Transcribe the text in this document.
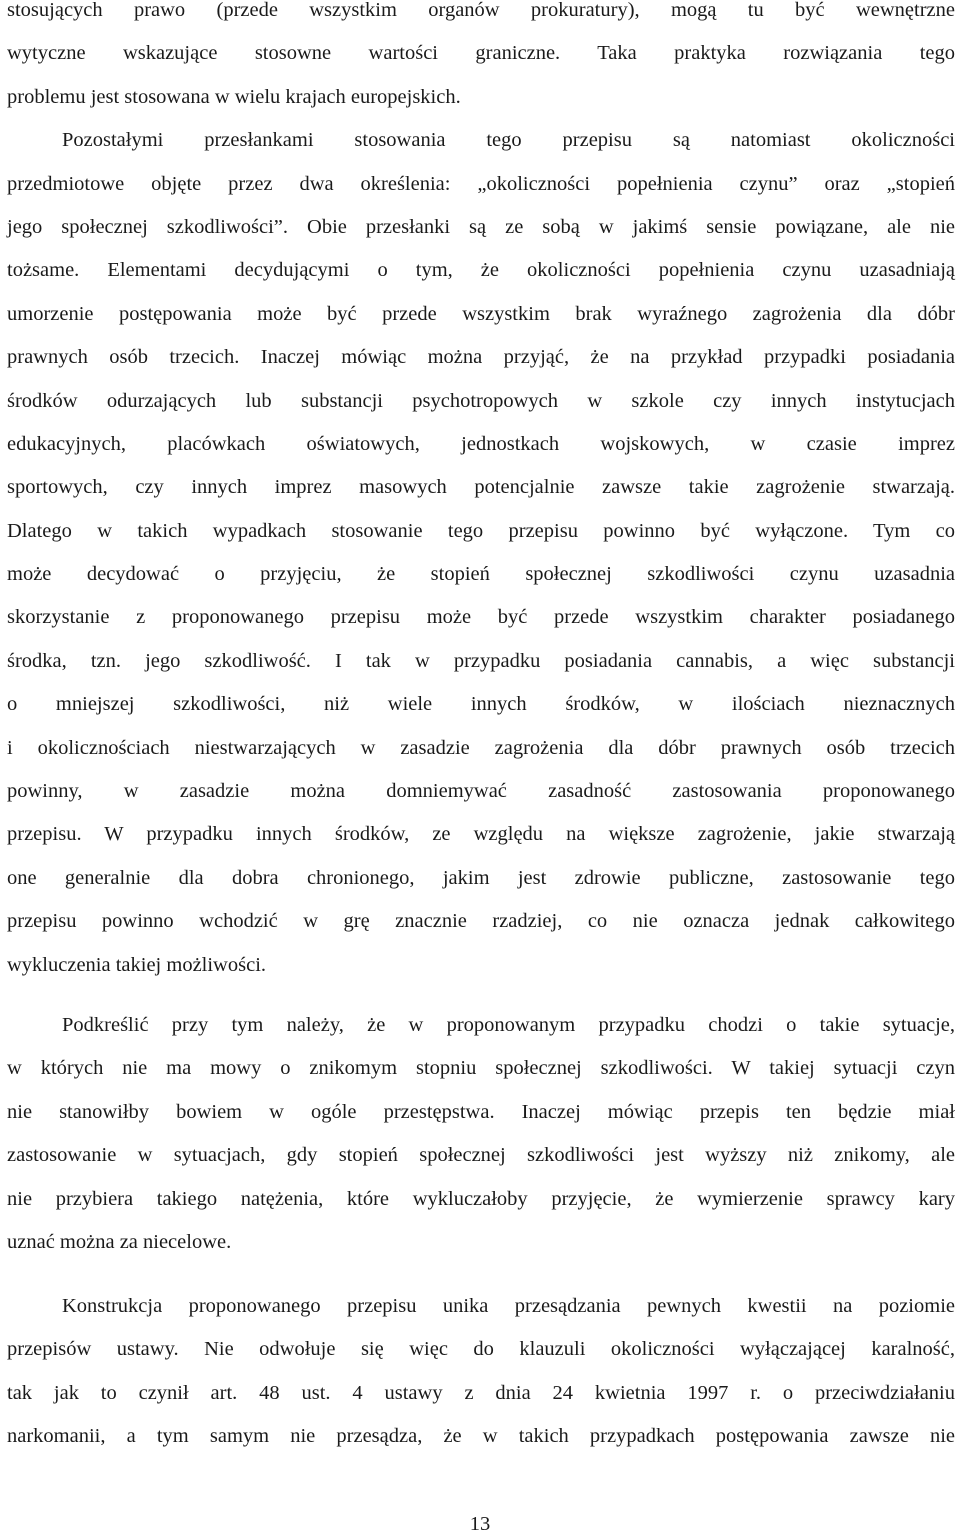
stosujących prawo (przede wszystkim organów prokuratury), mogą tu być wewnętrzne
wytyczne wskazujące stosowne wartości graniczne. Taka praktyka rozwiązania tego
problemu jest stosowana w wielu krajach europejskich.
Pozostałymi przesłankami stosowania tego przepisu są natomiast okoliczności
przedmiotowe objęte przez dwa określenia: „okoliczności popełnienia czynu” oraz „stopień
jego społecznej szkodliwości”. Obie przesłanki są ze sobą w jakimś sensie powiązane, ale nie
tożsame. Elementami decydującymi o tym, że okoliczności popełnienia czynu uzasadniają
umorzenie postępowania może być przede wszystkim brak wyraźnego zagrożenia dla dóbr
prawnych osób trzecich. Inaczej mówiąc można przyjąć, że na przykład przypadki posiadania
środków odurzających lub substancji psychotropowych w szkole czy innych instytucjach
edukacyjnych, placówkach oświatowych, jednostkach wojskowych, w czasie imprez
sportowych, czy innych imprez masowych potencjalnie zawsze takie zagrożenie stwarzają.
Dlatego w takich wypadkach stosowanie tego przepisu powinno być wyłączone. Tym co
może decydować o przyjęciu, że stopień społecznej szkodliwości czynu uzasadnia
skorzystanie z proponowanego przepisu może być przede wszystkim charakter posiadanego
środka, tzn. jego szkodliwość. I tak w przypadku posiadania cannabis, a więc substancji
o mniejszej szkodliwości, niż wiele innych środków, w ilościach nieznacznych
i okolicznościach niestwarzających w zasadzie zagrożenia dla dóbr prawnych osób trzecich
powinny, w zasadzie można domniemywać zasadność zastosowania proponowanego
przepisu. W przypadku innych środków, ze względu na większe zagrożenie, jakie stwarzają
one generalnie dla dobra chronionego, jakim jest zdrowie publiczne, zastosowanie tego
przepisu powinno wchodzić w grę znacznie rzadziej, co nie oznacza jednak całkowitego
wykluczenia takiej możliwości.
Podkreślić przy tym należy, że w proponowanym przypadku chodzi o takie sytuacje,
w których nie ma mowy o znikomym stopniu społecznej szkodliwości. W takiej sytuacji czyn
nie stanowiłby bowiem w ogóle przestępstwa. Inaczej mówiąc przepis ten będzie miał
zastosowanie w sytuacjach, gdy stopień społecznej szkodliwości jest wyższy niż znikomy, ale
nie przybiera takiego natężenia, które wykluczałoby przyjęcie, że wymierzenie sprawcy kary
uznać można za niecelowe.
Konstrukcja proponowanego przepisu unika przesądzania pewnych kwestii na poziomie
przepisów ustawy. Nie odwołuje się więc do klauzuli okoliczności wyłączającej karalność,
tak jak to czynił art. 48 ust. 4 ustawy z dnia 24 kwietnia 1997 r. o przeciwdziałaniu
narkomanii, a tym samym nie przesądza, że w takich przypadkach postępowania zawsze nie
13
